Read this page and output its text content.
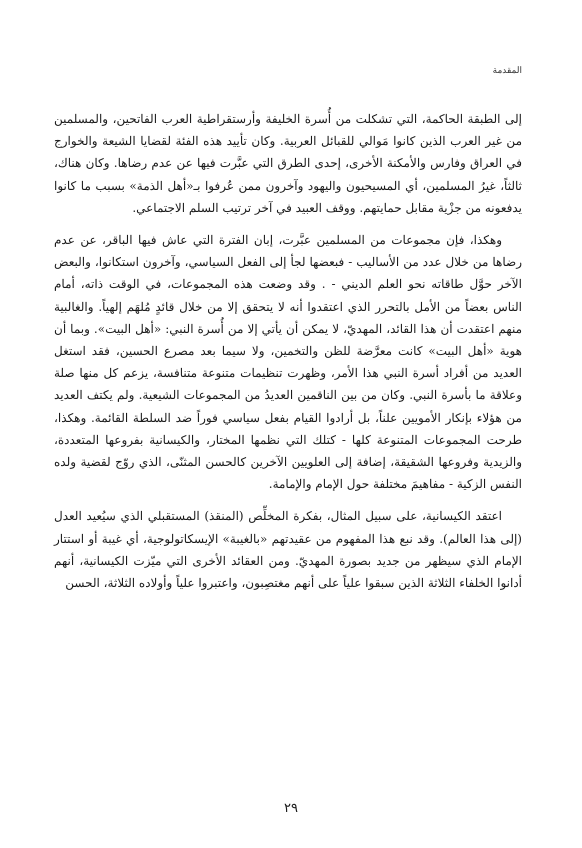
المقدمة

إلى الطبقة الحاكمة، التي تشكلت من أُسرة الخليفة وأرستقراطية العرب الفاتحين، والمسلمين من غير العرب الذين كانوا مَوالي للقبائل العربية. وكان تأييد هذه الفئة لقضايا الشيعة والخوارج في العراق وفارس والأمكنة الأخرى، إحدى الطرق التي عبَّرت فيها عن عدم رضاها. وكان هناك، ثالثاً، غيرُ المسلمين، أي المسيحيون واليهود وآخرون ممن عُرفوا بـ«أهل الذمة» بسبب ما كانوا يدفعونه من جزْية مقابل حمايتهم. ووقف العبيد في آخر ترتيب السلم الاجتماعي.

وهكذا، فإن مجموعات من المسلمين عبَّرت، إبان الفترة التي عاش فيها الباقر، عن عدم رضاها من خلال عدد من الأساليب - فبعضها لجأ إلى الفعل السياسي، وآخرون استكانوا، والبعض الآخر حوَّل طاقاته نحو العلم الديني - . وقد وضعت هذه المجموعات، في الوقت ذاته، أمام الناس بعضاً من الأمل بالتحرر الذي اعتقدوا أنه لا يتحقق إلا من خلال قائدٍ مُلهَم إلهياً. والغالبية منهم اعتقدت أن هذا القائد، المهديّ، لا يمكن أن يأتي إلا من أُسرة النبي: «أهل البيت». وبما أن هوية «أهل البيت» كانت معرَّضة للظن والتخمين، ولا سيما بعد مصرع الحسين، فقد استغل العديد من أفراد أسرة النبي هذا الأمر، وظهرت تنظيمات متنوعة متنافسة، يزعم كل منها صلة وعلاقة ما بأسرة النبي. وكان من بين الناقمين العديدُ من المجموعات الشيعية. ولم يكتف العديد من هؤلاء بإنكار الأمويين علناً، بل أرادوا القيام بفعل سياسي فوراً ضد السلطة القائمة. وهكذا، طرحت المجموعات المتنوعة كلها - كتلك التي نظمها المختار، والكيسانية بفروعها المتعددة، والزيدية وفروعها الشقيقة، إضافة إلى العلويين الآخرين كالحسن المثنّى، الذي روّج لقضية ولده النفس الزكية - مفاهيمَ مختلفة حول الإمام والإمامة.

اعتقد الكيسانية، على سبيل المثال، بفكرة المخلِّص (المنقذ) المستقبلي الذي سيُعيد العدل (إلى هذا العالم). وقد نبع هذا المفهوم من عقيدتهم «بالغيبة» الإيسكاتولوجية، أي غيبة أو استتار الإمام الذي سيظهر من جديد بصورة المهديّ. ومن العقائد الأخرى التي ميّزت الكيسانية، أنهم أدانوا الخلفاء الثلاثة الذين سبقوا علياً على أنهم مغتصِبون، واعتبروا علياً وأولاده الثلاثة، الحسن

٢٩
